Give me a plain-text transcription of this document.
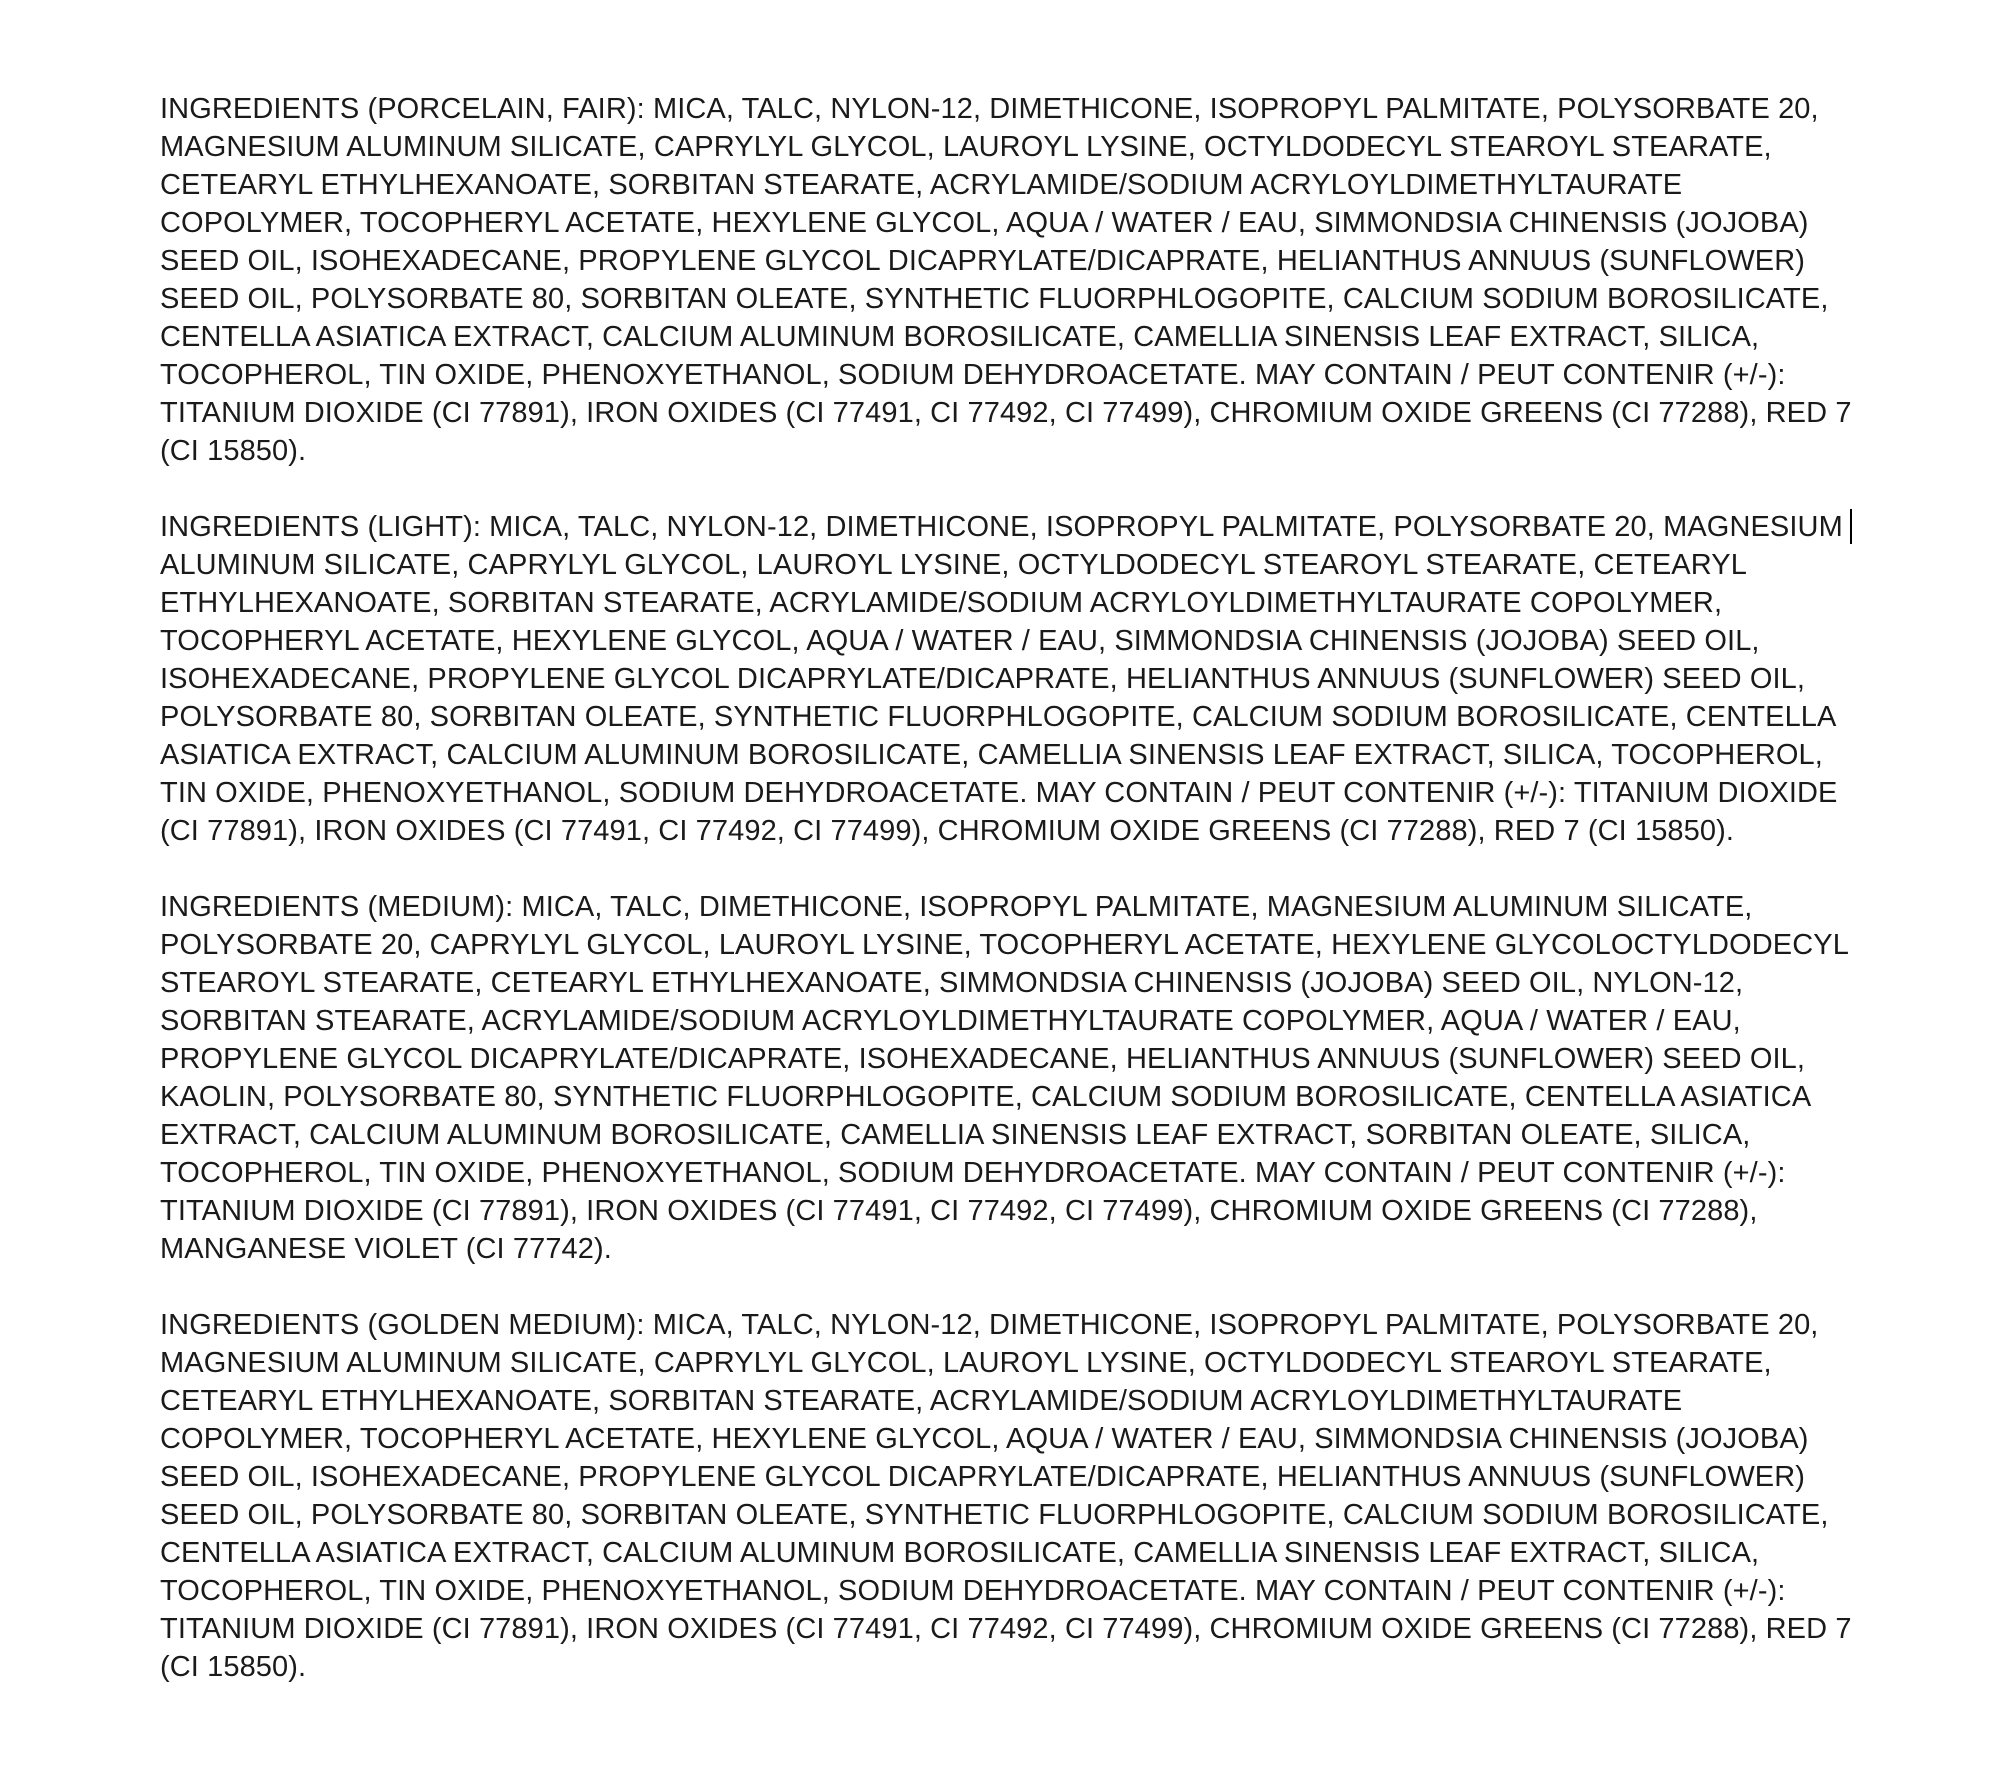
INGREDIENTS (PORCELAIN, FAIR): MICA, TALC, NYLON-12, DIMETHICONE, ISOPROPYL PALMITATE, POLYSORBATE 20,
MAGNESIUM ALUMINUM SILICATE, CAPRYLYL GLYCOL, LAUROYL LYSINE, OCTYLDODECYL STEAROYL STEARATE,
CETEARYL ETHYLHEXANOATE, SORBITAN STEARATE, ACRYLAMIDE/SODIUM ACRYLOYLDIMETHYLTAURATE
COPOLYMER, TOCOPHERYL ACETATE, HEXYLENE GLYCOL, AQUA / WATER / EAU, SIMMONDSIA CHINENSIS (JOJOBA)
SEED OIL, ISOHEXADECANE, PROPYLENE GLYCOL DICAPRYLATE/DICAPRATE, HELIANTHUS ANNUUS (SUNFLOWER)
SEED OIL, POLYSORBATE 80, SORBITAN OLEATE, SYNTHETIC FLUORPHLOGOPITE, CALCIUM SODIUM BOROSILICATE,
CENTELLA ASIATICA EXTRACT, CALCIUM ALUMINUM BOROSILICATE, CAMELLIA SINENSIS LEAF EXTRACT, SILICA,
TOCOPHEROL, TIN OXIDE, PHENOXYETHANOL, SODIUM DEHYDROACETATE. MAY CONTAIN / PEUT CONTENIR (+/-):
TITANIUM DIOXIDE (CI 77891), IRON OXIDES (CI 77491, CI 77492, CI 77499), CHROMIUM OXIDE GREENS (CI 77288), RED 7
(CI 15850).
INGREDIENTS (LIGHT): MICA, TALC, NYLON-12, DIMETHICONE, ISOPROPYL PALMITATE, POLYSORBATE 20, MAGNESIUM
ALUMINUM SILICATE, CAPRYLYL GLYCOL, LAUROYL LYSINE, OCTYLDODECYL STEAROYL STEARATE, CETEARYL
ETHYLHEXANOATE, SORBITAN STEARATE, ACRYLAMIDE/SODIUM ACRYLOYLDIMETHYLTAURATE COPOLYMER,
TOCOPHERYL ACETATE, HEXYLENE GLYCOL, AQUA / WATER / EAU, SIMMONDSIA CHINENSIS (JOJOBA) SEED OIL,
ISOHEXADECANE, PROPYLENE GLYCOL DICAPRYLATE/DICAPRATE, HELIANTHUS ANNUUS (SUNFLOWER) SEED OIL,
POLYSORBATE 80, SORBITAN OLEATE, SYNTHETIC FLUORPHLOGOPITE, CALCIUM SODIUM BOROSILICATE, CENTELLA
ASIATICA EXTRACT, CALCIUM ALUMINUM BOROSILICATE, CAMELLIA SINENSIS LEAF EXTRACT, SILICA, TOCOPHEROL,
TIN OXIDE, PHENOXYETHANOL, SODIUM DEHYDROACETATE. MAY CONTAIN / PEUT CONTENIR (+/-): TITANIUM DIOXIDE
(CI 77891), IRON OXIDES (CI 77491, CI 77492, CI 77499), CHROMIUM OXIDE GREENS (CI 77288), RED 7 (CI 15850).
INGREDIENTS (MEDIUM): MICA, TALC, DIMETHICONE, ISOPROPYL PALMITATE, MAGNESIUM ALUMINUM SILICATE,
POLYSORBATE 20, CAPRYLYL GLYCOL, LAUROYL LYSINE, TOCOPHERYL ACETATE, HEXYLENE GLYCOLOCTYLDODECYL
STEAROYL STEARATE, CETEARYL ETHYLHEXANOATE, SIMMONDSIA CHINENSIS (JOJOBA) SEED OIL, NYLON-12,
SORBITAN STEARATE, ACRYLAMIDE/SODIUM ACRYLOYLDIMETHYLTAURATE COPOLYMER, AQUA / WATER / EAU,
PROPYLENE GLYCOL DICAPRYLATE/DICAPRATE, ISOHEXADECANE, HELIANTHUS ANNUUS (SUNFLOWER) SEED OIL,
KAOLIN, POLYSORBATE 80, SYNTHETIC FLUORPHLOGOPITE, CALCIUM SODIUM BOROSILICATE, CENTELLA ASIATICA
EXTRACT, CALCIUM ALUMINUM BOROSILICATE, CAMELLIA SINENSIS LEAF EXTRACT, SORBITAN OLEATE, SILICA,
TOCOPHEROL, TIN OXIDE, PHENOXYETHANOL, SODIUM DEHYDROACETATE. MAY CONTAIN / PEUT CONTENIR (+/-):
TITANIUM DIOXIDE (CI 77891), IRON OXIDES (CI 77491, CI 77492, CI 77499), CHROMIUM OXIDE GREENS (CI 77288),
MANGANESE VIOLET (CI 77742).
INGREDIENTS (GOLDEN MEDIUM): MICA, TALC, NYLON-12, DIMETHICONE, ISOPROPYL PALMITATE, POLYSORBATE 20,
MAGNESIUM ALUMINUM SILICATE, CAPRYLYL GLYCOL, LAUROYL LYSINE, OCTYLDODECYL STEAROYL STEARATE,
CETEARYL ETHYLHEXANOATE, SORBITAN STEARATE, ACRYLAMIDE/SODIUM ACRYLOYLDIMETHYLTAURATE
COPOLYMER, TOCOPHERYL ACETATE, HEXYLENE GLYCOL, AQUA / WATER / EAU, SIMMONDSIA CHINENSIS (JOJOBA)
SEED OIL, ISOHEXADECANE, PROPYLENE GLYCOL DICAPRYLATE/DICAPRATE, HELIANTHUS ANNUUS (SUNFLOWER)
SEED OIL, POLYSORBATE 80, SORBITAN OLEATE, SYNTHETIC FLUORPHLOGOPITE, CALCIUM SODIUM BOROSILICATE,
CENTELLA ASIATICA EXTRACT, CALCIUM ALUMINUM BOROSILICATE, CAMELLIA SINENSIS LEAF EXTRACT, SILICA,
TOCOPHEROL, TIN OXIDE, PHENOXYETHANOL, SODIUM DEHYDROACETATE. MAY CONTAIN / PEUT CONTENIR (+/-):
TITANIUM DIOXIDE (CI 77891), IRON OXIDES (CI 77491, CI 77492, CI 77499), CHROMIUM OXIDE GREENS (CI 77288), RED 7
(CI 15850).
